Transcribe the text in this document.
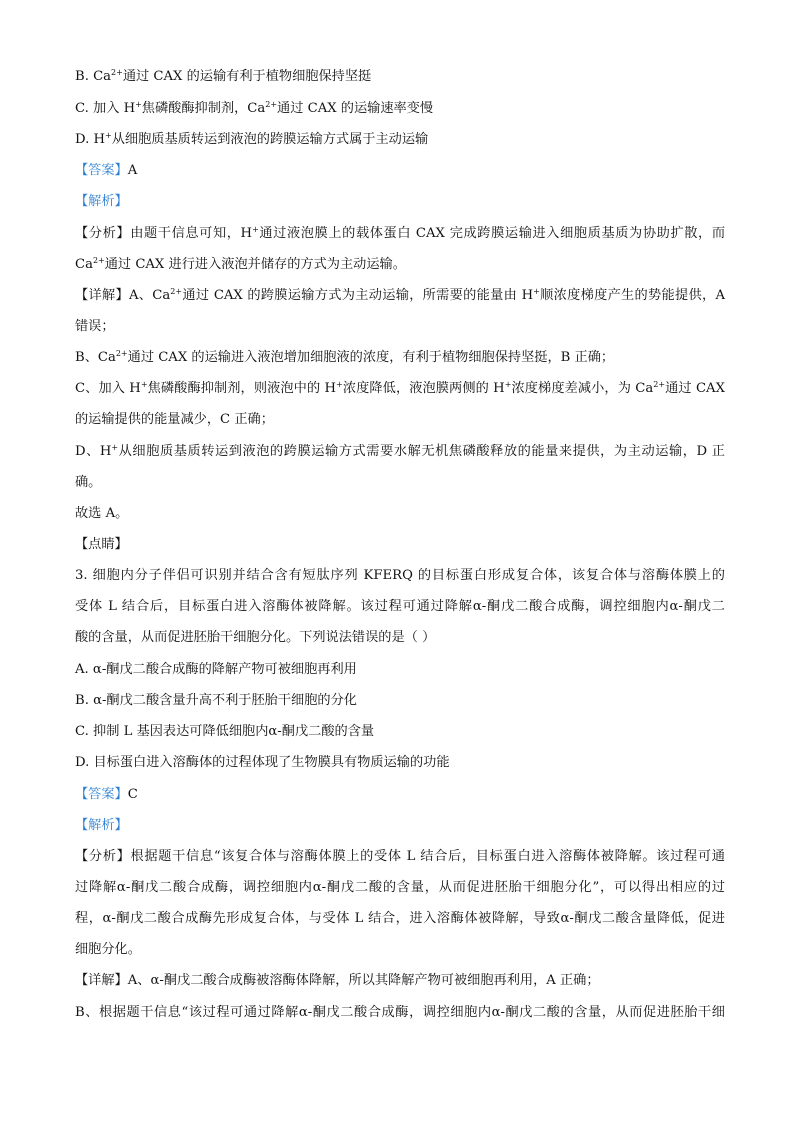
B. $Ca^{2+}$通过 CAX 的运输有利于植物细胞保持坚挺
C. 加入 H+焦磷酸酶抑制剂，$Ca^{2+}$通过 CAX 的运输速率变慢
D. H+从细胞质基质转运到液泡的跨膜运输方式属于主动运输
【答案】A
【解析】
【分析】由题干信息可知，H+通过液泡膜上的载体蛋白 CAX 完成跨膜运输进入细胞质基质为协助扩散，而
$Ca^{2+}$通过 CAX 进行进入液泡并储存的方式为主动运输。
【详解】A、$Ca^{2+}$通过 CAX 的跨膜运输方式为主动运输，所需要的能量由 H+顺浓度梯度产生的势能提供，A
错误；
B、$Ca^{2+}$通过 CAX 的运输进入液泡增加细胞液的浓度，有利于植物细胞保持坚挺，B 正确；
C、加入 H+焦磷酸酶抑制剂，则液泡中的 H+浓度降低，液泡膜两侧的 H+浓度梯度差减小，为 $Ca^{2+}$通过 CAX
的运输提供的能量减少，C 正确；
D、H+从细胞质基质转运到液泡的跨膜运输方式需要水解无机焦磷酸释放的能量来提供，为主动运输，D 正
确。
故选 A。
【点睛】
3. 细胞内分子伴侣可识别并结合含有短肽序列 KFERQ 的目标蛋白形成复合体，该复合体与溶酶体膜上的
受体 L 结合后，目标蛋白进入溶酶体被降解。该过程可通过降解α-酮戊二酸合成酶，调控细胞内α-酮戊二
酸的含量，从而促进胚胎干细胞分化。下列说法错误的是（ ）
A. α-酮戊二酸合成酶的降解产物可被细胞再利用
B. α-酮戊二酸含量升高不利于胚胎干细胞的分化
C. 抑制 L 基因表达可降低细胞内α-酮戊二酸的含量
D. 目标蛋白进入溶酶体的过程体现了生物膜具有物质运输的功能
【答案】C
【解析】
【分析】根据题干信息“该复合体与溶酶体膜上的受体 L 结合后，目标蛋白进入溶酶体被降解。该过程可通
过降解α-酮戊二酸合成酶，调控细胞内α-酮戊二酸的含量，从而促进胚胎干细胞分化”，可以得出相应的过
程，α-酮戊二酸合成酶先形成复合体，与受体 L 结合，进入溶酶体被降解，导致α-酮戊二酸含量降低，促进
细胞分化。
【详解】A、α-酮戊二酸合成酶被溶酶体降解，所以其降解产物可被细胞再利用，A 正确；
B、根据题干信息“该过程可通过降解α-酮戊二酸合成酶，调控细胞内α-酮戊二酸的含量，从而促进胚胎干细
